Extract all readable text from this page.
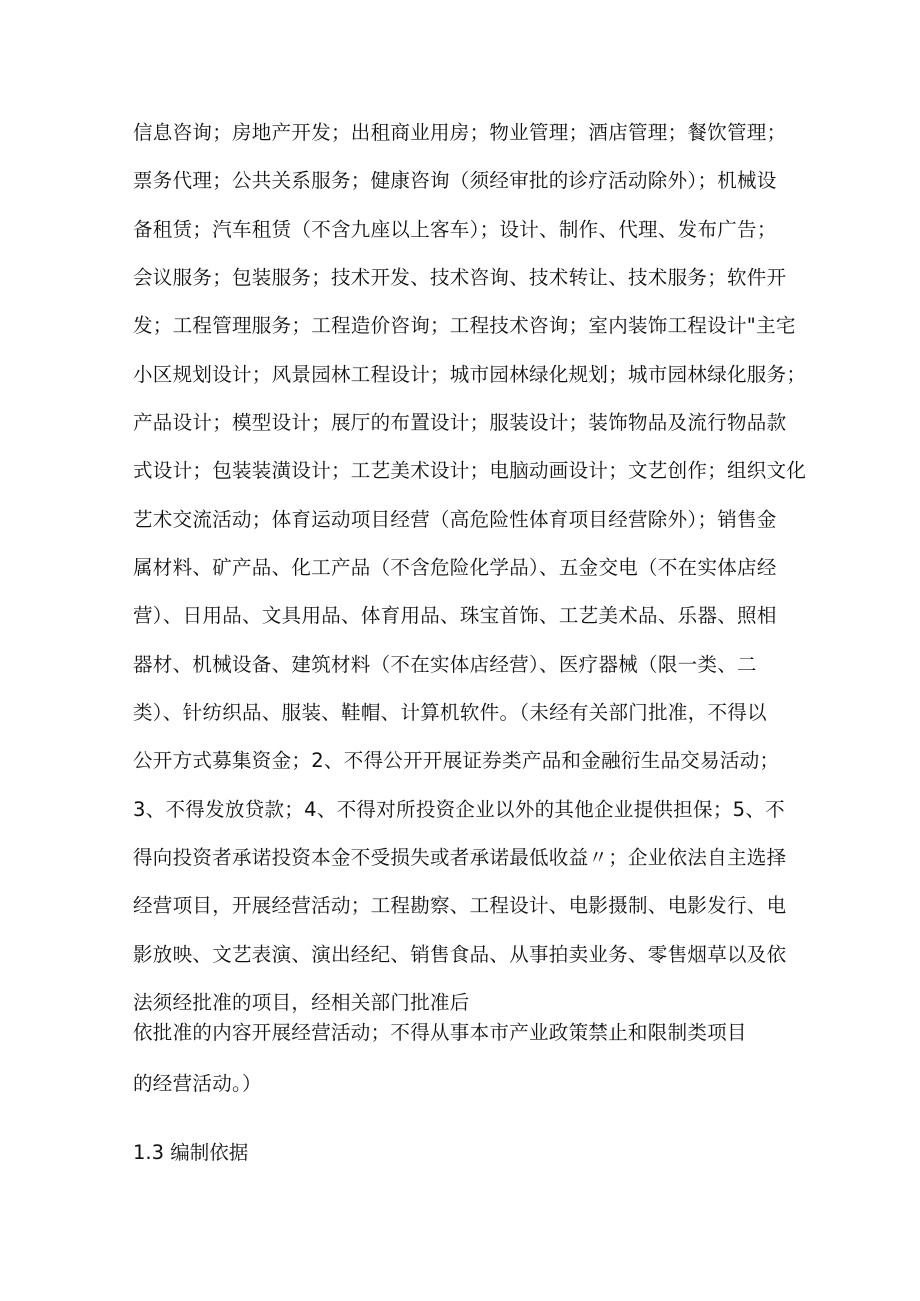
信息咨询；房地产开发；出租商业用房；物业管理；酒店管理；餐饮管理；
票务代理；公共关系服务；健康咨询（须经审批的诊疗活动除外）；机械设
备租赁；汽车租赁（不含九座以上客车）；设计、制作、代理、发布广告；
会议服务；包装服务；技术开发、技术咨询、技术转让、技术服务；软件开
发；工程管理服务；工程造价咨询；工程技术咨询；室内装饰工程设计"主宅
小区规划设计；风景园林工程设计；城市园林绿化规划；城市园林绿化服务；
产品设计；模型设计；展厅的布置设计；服装设计；装饰物品及流行物品款
式设计；包装装潢设计；工艺美术设计；电脑动画设计；文艺创作；组织文化
艺术交流活动；体育运动项目经营（高危险性体育项目经营除外）；销售金
属材料、矿产品、化工产品（不含危险化学品）、五金交电（不在实体店经
营）、日用品、文具用品、体育用品、珠宝首饰、工艺美术品、乐器、照相
器材、机械设备、建筑材料（不在实体店经营）、医疗器械（限一类、二
类）、针纺织品、服装、鞋帽、计算机软件。（未经有关部门批准，不得以
公开方式募集资金；2、不得公开开展证券类产品和金融衍生品交易活动；
3、不得发放贷款；4、不得对所投资企业以外的其他企业提供担保；5、不
得向投资者承诺投资本金不受损失或者承诺最低收益〃；企业依法自主选择
经营项目，开展经营活动；工程勘察、工程设计、电影摄制、电影发行、电
影放映、文艺表演、演出经纪、销售食品、从事拍卖业务、零售烟草以及依
法须经批准的项目，经相关部门批准后
依批准的内容开展经营活动；不得从事本市产业政策禁止和限制类项目
的经营活动。）
1.3 编制依据
